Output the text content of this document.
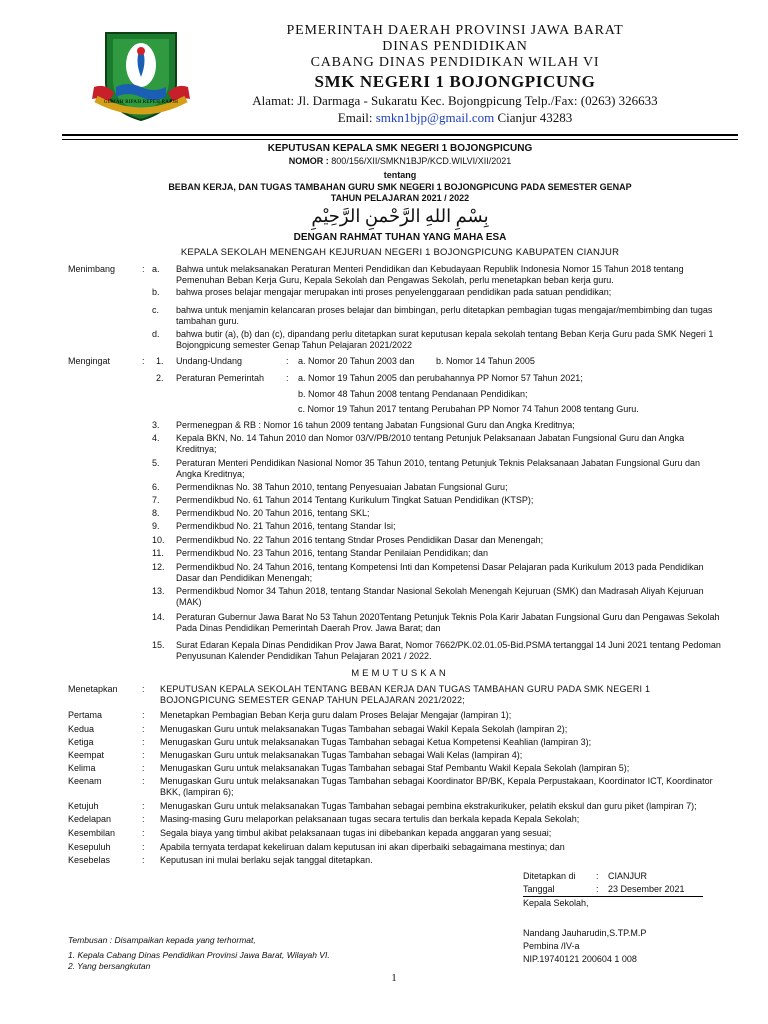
GEMAH RIPAH REPEH RAPIH
PEMERINTAH DAERAH PROVINSI JAWA BARAT
DINAS PENDIDIKAN
CABANG DINAS PENDIDIKAN WILAH VI
SMK NEGERI 1 BOJONGPICUNG
Alamat: Jl. Darmaga - Sukaratu Kec. Bojongpicung Telp./Fax: (0263) 326633
Email: smkn1bjp@gmail.com Cianjur 43283
KEPUTUSAN KEPALA SMK NEGERI 1 BOJONGPICUNG
NOMOR : 800/156/XII/SMKN1BJP/KCD.WILVI/XII/2021
tentang
BEBAN KERJA, DAN TUGAS TAMBAHAN GURU SMK NEGERI 1 BOJONGPICUNG PADA SEMESTER GENAP
TAHUN PELAJARAN 2021 / 2022
بِسْمِ اللهِ الرَّحْمنِ الرَّحِيْمِ
DENGAN RAHMAT TUHAN YANG MAHA ESA
KEPALA SEKOLAH MENENGAH KEJURUAN NEGERI 1 BOJONGPICUNG KABUPATEN CIANJUR
Menimbang	: a. Bahwa untuk melaksanakan Peraturan Menteri Pendidikan dan Kebudayaan Republik Indonesia Nomor 15 Tahun 2018 tentang Pemenuhan Beban Kerja Guru, Kepala Sekolah dan Pengawas Sekolah, perlu menetapkan beban kerja guru.
b. bahwa proses belajar mengajar merupakan inti proses penyelenggaraan pendidikan pada satuan pendidikan;
c. bahwa untuk menjamin kelancaran proses belajar dan bimbingan, perlu ditetapkan pembagian tugas mengajar/membimbing dan tugas tambahan guru.
d. bahwa butir (a), (b) dan (c), dipandang perlu ditetapkan surat keputusan kepala sekolah tentang Beban Kerja Guru pada SMK Negeri 1 Bojongpicung semester Genap Tahun Pelajaran 2021/2022
Mengingat	: 1. Undang-Undang	: a. Nomor 20 Tahun 2003 dan b. Nomor 14 Tahun 2005
2. Peraturan Pemerintah : a. Nomor 19 Tahun 2005 dan perubahannya PP Nomor 57 Tahun 2021;
b. Nomor 48 Tahun 2008 tentang Pendanaan Pendidikan;
c. Nomor 19 Tahun 2017 tentang Perubahan PP Nomor 74 Tahun 2008 tentang Guru.
3. Permenegpan & RB : Nomor 16 tahun 2009 tentang Jabatan Fungsional Guru dan Angka Kreditnya;
4. Kepala BKN, No. 14 Tahun 2010 dan Nomor 03/V/PB/2010 tentang Petunjuk Pelaksanaan Jabatan Fungsional Guru dan Angka Kreditnya;
5. Peraturan Menteri Pendidikan Nasional Nomor 35 Tahun 2010, tentang Petunjuk Teknis Pelaksanaan Jabatan Fungsional Guru dan Angka Kreditnya;
6. Permendiknas No. 38 Tahun 2010, tentang Penyesuaian Jabatan Fungsional Guru;
7. Permendikbud No. 61 Tahun 2014 Tentang Kurikulum Tingkat Satuan Pendidikan (KTSP);
8. Permendikbud No. 20 Tahun 2016, tentang SKL;
9. Permendikbud No. 21 Tahun 2016, tentang Standar Isi;
10. Permendikbud No. 22 Tahun 2016 tentang Stndar Proses Pendidikan Dasar dan Menengah;
11. Permendikbud No. 23 Tahun 2016, tentang Standar Penilaian Pendidikan; dan
12. Permendikbud No. 24 Tahun 2016, tentang Kompetensi Inti dan Kompetensi Dasar Pelajaran pada Kurikulum 2013 pada Pendidikan Dasar dan Pendidikan Menengah;
13. Permendikbud Nomor 34 Tahun 2018, tentang Standar Nasional Sekolah Menengah Kejuruan (SMK) dan Madrasah Aliyah Kejuruan (MAK)
14. Peraturan Gubernur Jawa Barat No 53 Tahun 2020Tentang Petunjuk Teknis Pola Karir Jabatan Fungsional Guru dan Pengawas Sekolah Pada Dinas Pendidikan Pemerintah Daerah Prov. Jawa Barat; dan
15. Surat Edaran Kepala Dinas Pendidikan Prov Jawa Barat, Nomor 7662/PK.02.01.05-Bid.PSMA tertanggal 14 Juni 2021 tentang Pedoman Penyusunan Kalender Pendidikan Tahun Pelajaran 2021 / 2022.
MEMUTUSKAN
Menetapkan	: KEPUTUSAN KEPALA SEKOLAH TENTANG BEBAN KERJA DAN TUGAS TAMBAHAN GURU PADA SMK NEGERI 1 BOJONGPICUNG SEMESTER GENAP TAHUN PELAJARAN 2021/2022;
Pertama	: Menetapkan Pembagian Beban Kerja guru dalam Proses Belajar Mengajar (lampiran 1);
Kedua	: Menugaskan Guru untuk melaksanakan Tugas Tambahan sebagai Wakil Kepala Sekolah (lampiran 2);
Ketiga	: Menugaskan Guru untuk melaksanakan Tugas Tambahan sebagai Ketua Kompetensi Keahlian (lampiran 3);
Keempat	: Menugaskan Guru untuk melaksanakan Tugas Tambahan sebagai Wali Kelas (lampiran 4);
Kelima	: Menugaskan Guru untuk melaksanakan Tugas Tambahan sebagai Staf Pembantu Wakil Kepala Sekolah (lampiran 5);
Keenam	: Menugaskan Guru untuk melaksanakan Tugas Tambahan sebagai Koordinator BP/BK, Kepala Perpustakaan, Koordinator ICT, Koordinator BKK, (lampiran 6);
Ketujuh	: Menugaskan Guru untuk melaksanakan Tugas Tambahan sebagai pembina ekstrakurikuker, pelatih ekskul dan guru piket (lampiran 7);
Kedelapan	: Masing-masing Guru melaporkan pelaksanaan tugas secara tertulis dan berkala kepada Kepala Sekolah;
Kesembilan	: Segala biaya yang timbul akibat pelaksanaan tugas ini dibebankan kepada anggaran yang sesuai;
Kesepuluh	: Apabila ternyata terdapat kekeliruan dalam keputusan ini akan diperbaiki sebagaimana mestinya; dan
Kesebelas	: Keputusan ini mulai berlaku sejak tanggal ditetapkan.
Ditetapkan di : CIANJUR
Tanggal	: 23 Desember 2021
Kepala Sekolah,
Nandang Jauharudin,S.TP.M.P
Pembina /IV-a
NIP.19740121 200604 1 008
Tembusan : Disampaikan kepada yang terhormat,
1. Kepala Cabang Dinas Pendidikan Provinsi Jawa Barat, Wilayah VI.
2. Yang bersangkutan
1
